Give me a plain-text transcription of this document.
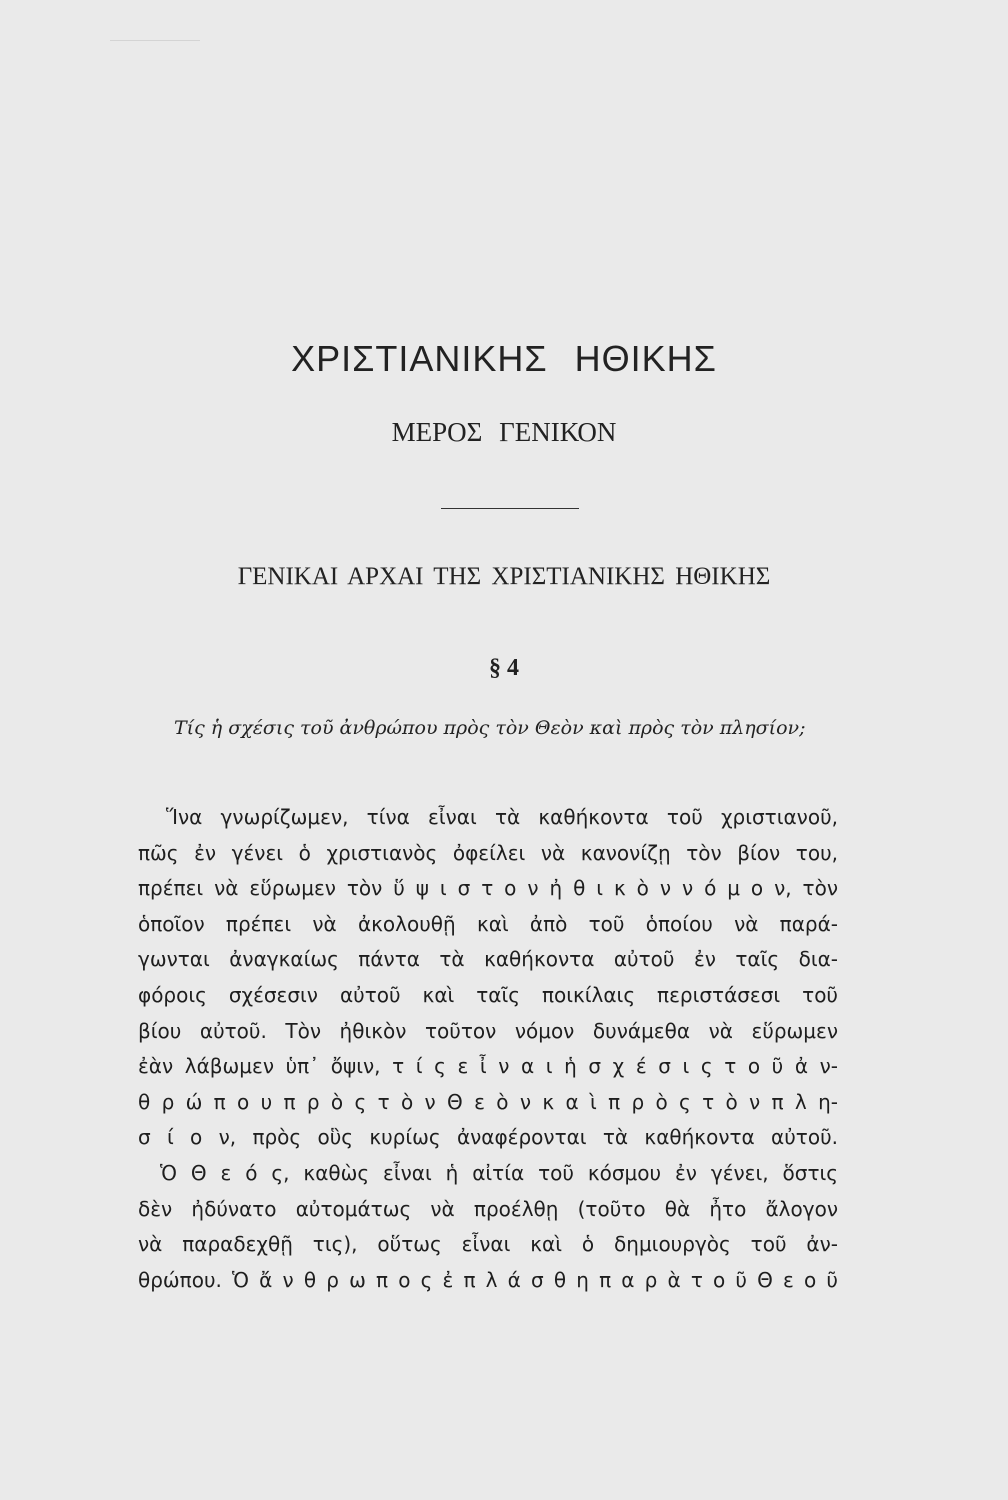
ΧΡΙΣΤΙΑΝΙΚΗΣ ΗΘΙΚΗΣ
ΜΕΡΟΣ ΓΕΝΙΚΟΝ
ΓΕΝΙΚΑΙ ΑΡΧΑΙ ΤΗΣ ΧΡΙΣΤΙΑΝΙΚΗΣ ΗΘΙΚΗΣ
§ 4
Τίς ἡ σχέσις τοῦ ἀνθρώπου πρὸς τὸν Θεὸν καὶ πρὸς τὸν πλησίον;
Ἵνα γνωρίζωμεν, τίνα εἶναι τὰ καθήκοντα τοῦ χριστιανοῦ,
πῶς ἐν γένει ὁ χριστιανὸς ὀφείλει νὰ κανονίζῃ τὸν βίον του,
πρέπει νὰ εὕρωμεν τὸν ὕ ψ ι σ τ ο ν ἠ θ ι κ ὸ ν ν ό μ ο ν, τὸν
ὁποῖον πρέπει νὰ ἀκολουθῇ καὶ ἀπὸ τοῦ ὁποίου νὰ παρά-
γωνται ἀναγκαίως πάντα τὰ καθήκοντα αὐτοῦ ἐν ταῖς δια-
φόροις σχέσεσιν αὐτοῦ καὶ ταῖς ποικίλαις περιστάσεσι τοῦ
βίου αὐτοῦ. Τὸν ἠθικὸν τοῦτον νόμον δυνάμεθα νὰ εὕρωμεν
ἐὰν λάβωμεν ὑπ᾽ ὄψιν, τ ί ς ε ἶ ν α ι ἡ σ χ έ σ ι ς τ ο ῦ ἀ ν-
θ ρ ώ π ο υ π ρ ὸ ς τ ὸ ν Θ ε ὸ ν κ α ὶ π ρ ὸ ς τ ὸ ν π λ η-
σ ί ο ν, πρὸς οὓς κυρίως ἀναφέρονται τὰ καθήκοντα αὐτοῦ.
Ὁ Θ ε ό ς, καθὼς εἶναι ἡ αἰτία τοῦ κόσμου ἐν γένει, ὅστις
δὲν ἠδύνατο αὐτομάτως νὰ προέλθῃ (τοῦτο θὰ ἦτο ἄλογον
νὰ παραδεχθῇ τις), οὕτως εἶναι καὶ ὁ δημιουργὸς τοῦ ἀν-
θρώπου. Ὁ ἄ ν θ ρ ω π ο ς ἐ π λ ά σ θ η π α ρ ὰ τ ο ῦ Θ ε ο ῦ
